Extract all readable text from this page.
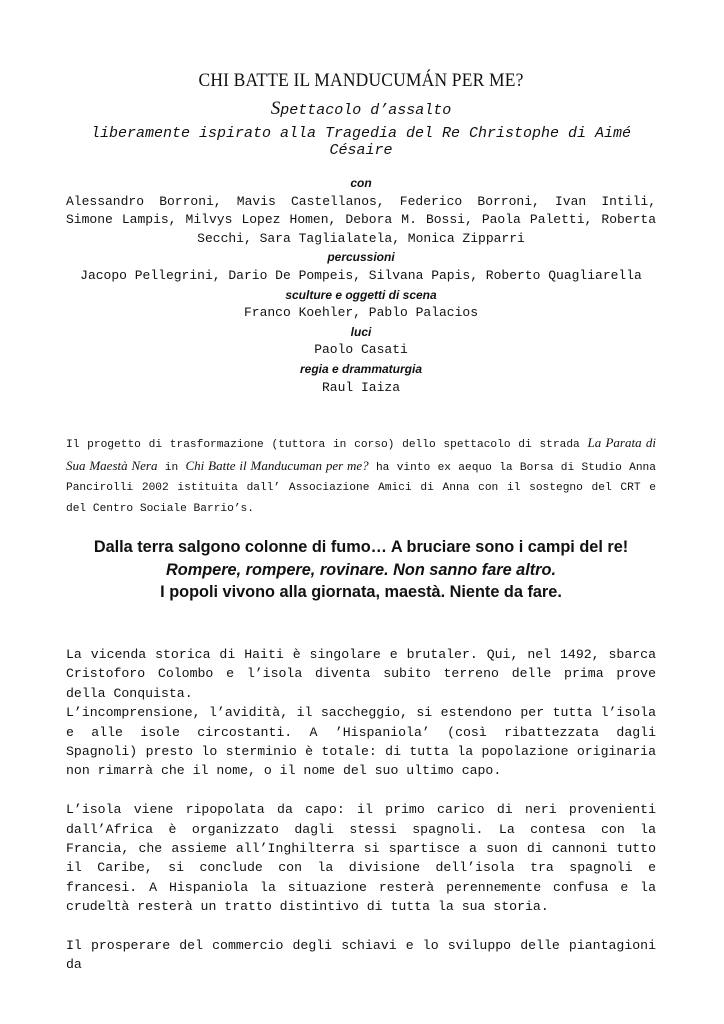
CHI BATTE IL MANDUCUMÁN PER ME?
Spettacolo d’assalto
liberamente ispirato alla Tragedia del Re Christophe di Aimé Césaire
con
Alessandro Borroni, Mavis Castellanos, Federico Borroni, Ivan Intili, Simone Lampis, Milvys Lopez Homen, Debora M. Bossi, Paola Paletti, Roberta Secchi, Sara Taglialatela, Monica Zipparri
percussioni
Jacopo Pellegrini, Dario De Pompeis, Silvana Papis, Roberto Quagliarella
sculture e oggetti di scena
Franco Koehler, Pablo Palacios
luci
Paolo Casati
regia e drammaturgia
Raul Iaiza
Il progetto di trasformazione (tuttora in corso) dello spettacolo di strada La Parata di Sua Maestà Nera in Chi Batte il Manducuman per me? ha vinto ex aequo la Borsa di Studio Anna Pancirolli 2002 istituita dall’ Associazione Amici di Anna con il sostegno del CRT e del Centro Sociale Barrio’s.
Dalla terra salgono colonne di fumo… A bruciare sono i campi del re!
Rompere, rompere, rovinare. Non sanno fare altro.
I popoli vivono alla giornata, maestà. Niente da fare.

La vicenda storica di Haiti è singolare e brutaler. Qui, nel 1492, sbarca Cristoforo Colombo e l’isola diventa subito terreno delle prima prove della Conquista.

L’incomprensione, l’avidità, il saccheggio, si estendono per tutta l’isola e alle isole circostanti. A ’Hispaniola’ (così ribattezzata dagli Spagnoli) presto lo sterminio è totale: di tutta la popolazione originaria non rimarrà che il nome, o il nome del suo ultimo capo.

L’isola viene ripopolata da capo: il primo carico di neri provenienti dall’Africa è organizzato dagli stessi spagnoli. La contesa con la Francia, che assieme all’Inghilterra si spartisce a suon di cannoni tutto il Caribe, si conclude con la divisione dell’isola tra spagnoli e francesi. A Hispaniola la situazione resterà perennemente confusa e la crudeltà resterà un tratto distintivo di tutta la sua storia.

Il prosperare del commercio degli schiavi e lo sviluppo delle piantagioni da
